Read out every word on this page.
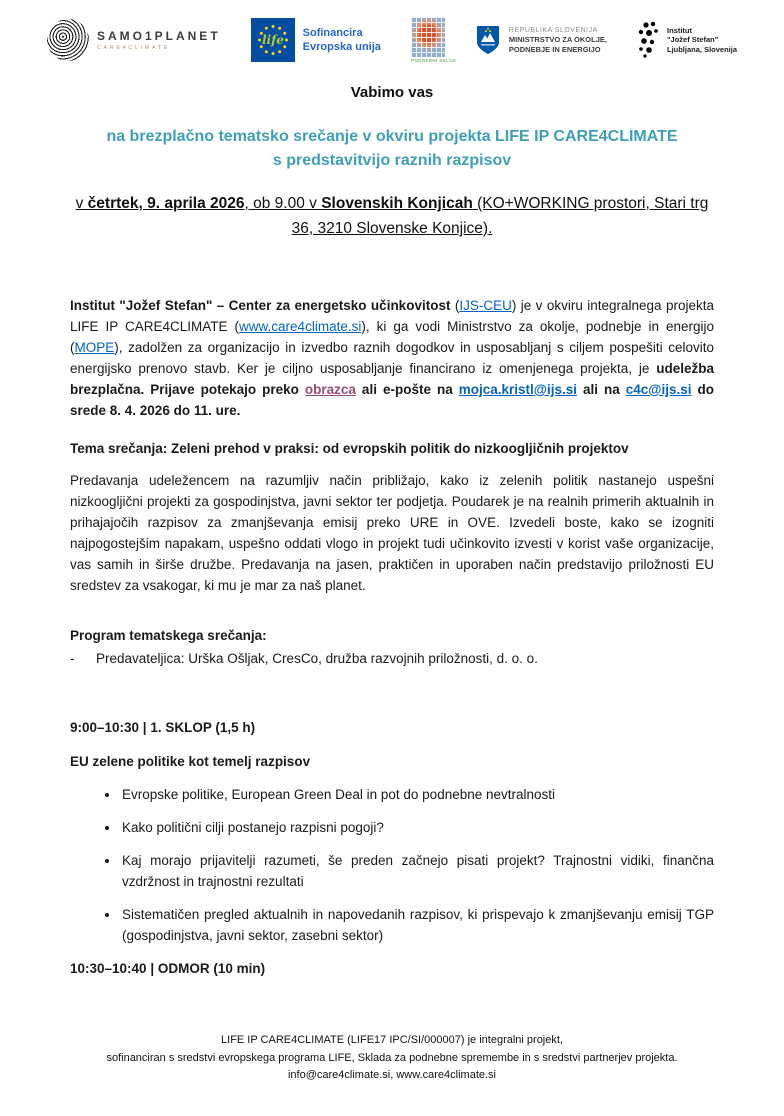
SAMO1PLANET
CARE4CLIMATE
life Sofinancira
Evropska unija
PODNEBNI SKLAD
REPUBLIKA SLOVENIJA
MINISTRSTVO ZA OKOLJE,
PODNEBJE IN ENERGIJO
Institut
"Jožef Stefan"
Ljubljana, Slovenija
Vabimo vas
na brezplačno tematsko srečanje v okviru projekta LIFE IP CARE4CLIMATE
s predstavitvijo raznih razpisov
v četrtek, 9. aprila 2026, ob 9.00 v Slovenskih Konjicah (KO+WORKING prostori, Stari trg 36, 3210 Slovenske Konjice).

Institut "Jožef Stefan" – Center za energetsko učinkovitost (IJS-CEU) je v okviru integralnega projekta LIFE IP CARE4CLIMATE (www.care4climate.si), ki ga vodi Ministrstvo za okolje, podnebje in energijo (MOPE), zadolžen za organizacijo in izvedbo raznih dogodkov in usposabljanj s ciljem pospešiti celovito energijsko prenovo stavb. Ker je ciljno usposabljanje financirano iz omenjenega projekta, je udeležba brezplačna. Prijave potekajo preko obrazca ali e-pošte na mojca.kristl@ijs.si ali na c4c@ijs.si do srede 8. 4. 2026 do 11. ure.

Tema srečanja: Zeleni prehod v praksi: od evropskih politik do nizkoogljičnih projektov

Predavanja udeležencem na razumljiv način približajo, kako iz zelenih politik nastanejo uspešni nizkoogljični projekti za gospodinjstva, javni sektor ter podjetja. Poudarek je na realnih primerih aktualnih in prihajajočih razpisov za zmanjševanja emisij preko URE in OVE. Izvedeli boste, kako se izogniti najpogostejšim napakam, uspešno oddati vlogo in projekt tudi učinkovito izvesti v korist vaše organizacije, vas samih in širše družbe. Predavanja na jasen, praktičen in uporaben način predstavijo priložnosti EU sredstev za vsakogar, ki mu je mar za naš planet.

Program tematskega srečanja:
-	Predavateljica: Urška Ošljak, CresCo, družba razvojnih priložnosti, d. o. o.
9:00–10:30 | 1. SKLOP (1,5 h)
EU zelene politike kot temelj razpisov
• Evropske politike, European Green Deal in pot do podnebne nevtralnosti
• Kako politični cilji postanejo razpisni pogoji?
• Kaj morajo prijavitelji razumeti, še preden začnejo pisati projekt? Trajnostni vidiki, finančna vzdržnost in trajnostni rezultati
• Sistematičen pregled aktualnih in napovedanih razpisov, ki prispevajo k zmanjševanju emisij TGP (gospodinjstva, javni sektor, zasebni sektor)
10:30–10:40 | ODMOR (10 min)
LIFE IP CARE4CLIMATE (LIFE17 IPC/SI/000007) je integralni projekt,
sofinanciran s sredstvi evropskega programa LIFE, Sklada za podnebne spremembe in s sredstvi partnerjev projekta.
info@care4climate.si, www.care4climate.si
